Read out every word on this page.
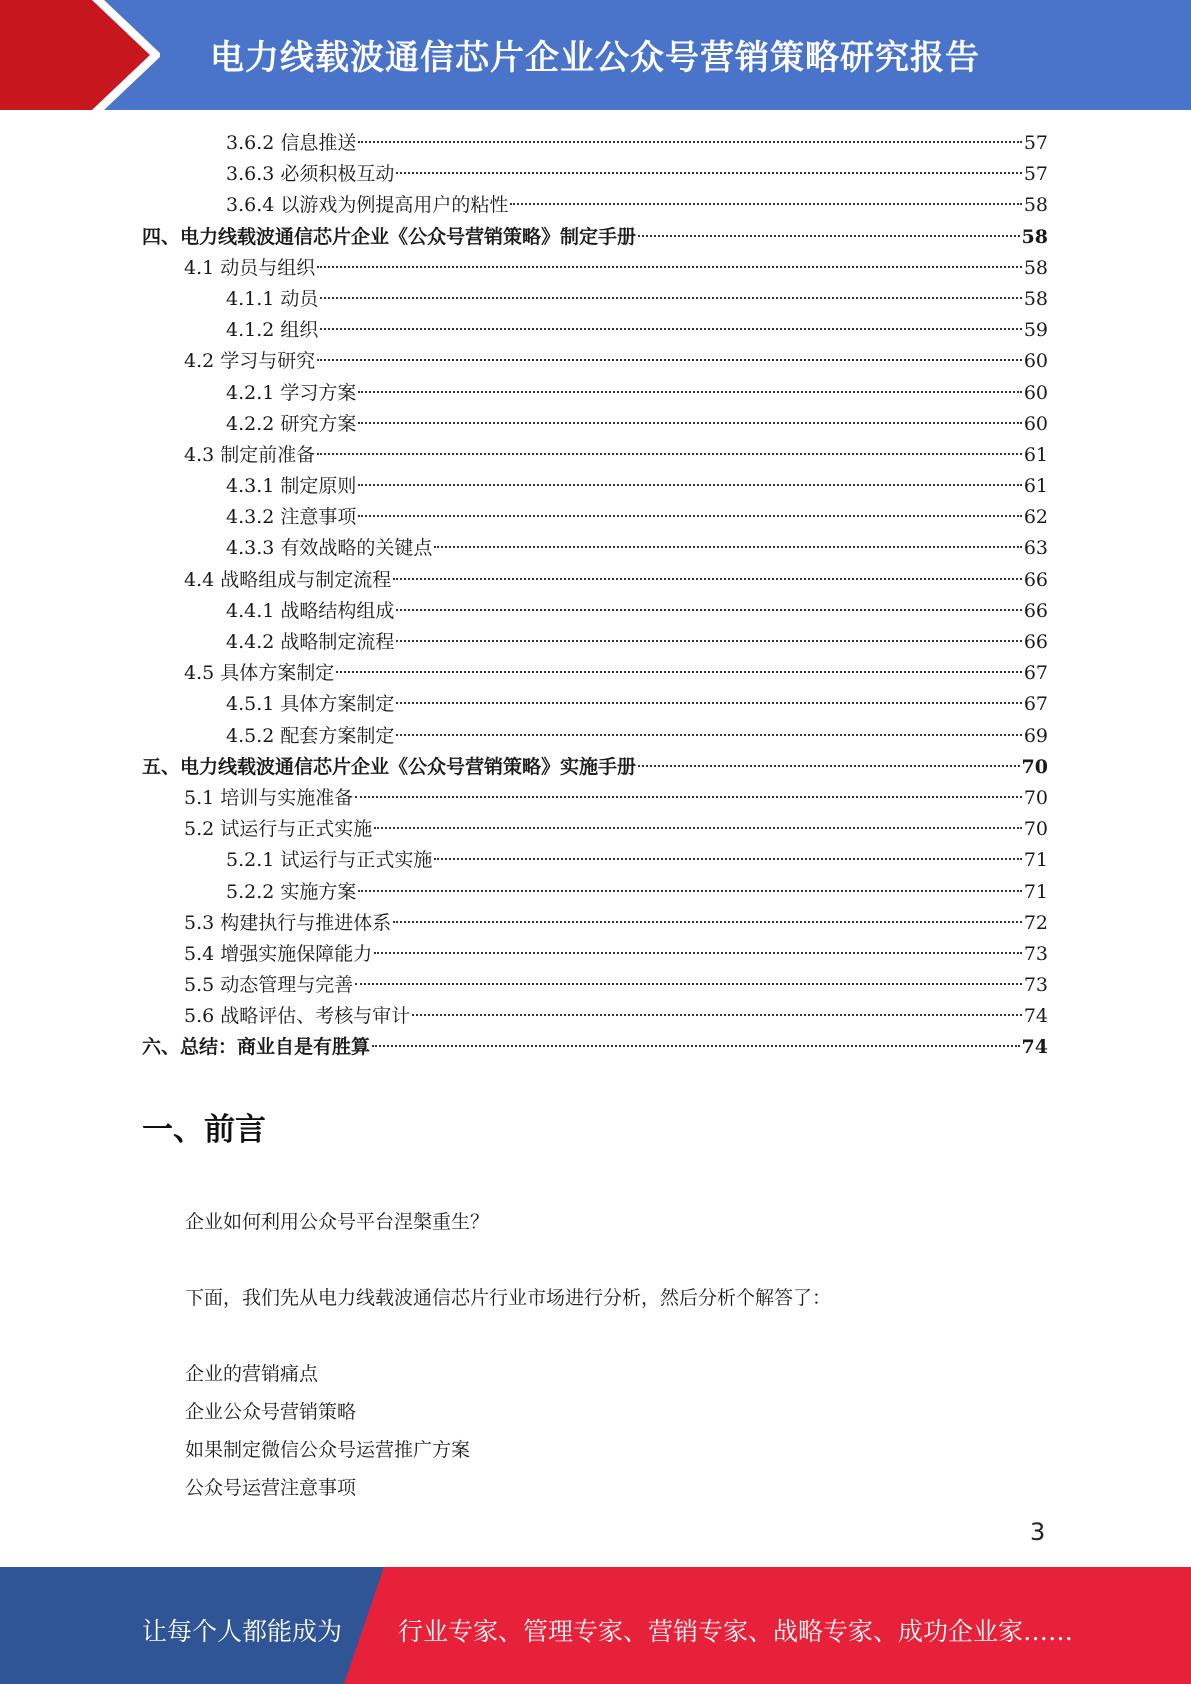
电力线载波通信芯片企业公众号营销策略研究报告
3.6.2 信息推送	57
3.6.3 必须积极互动	57
3.6.4 以游戏为例提高用户的粘性	58
四、电力线载波通信芯片企业《公众号营销策略》制定手册	58
4.1 动员与组织	58
4.1.1 动员	58
4.1.2 组织	59
4.2 学习与研究	60
4.2.1 学习方案	60
4.2.2 研究方案	60
4.3 制定前准备	61
4.3.1 制定原则	61
4.3.2 注意事项	62
4.3.3 有效战略的关键点	63
4.4 战略组成与制定流程	66
4.4.1 战略结构组成	66
4.4.2 战略制定流程	66
4.5 具体方案制定	67
4.5.1 具体方案制定	67
4.5.2 配套方案制定	69
五、电力线载波通信芯片企业《公众号营销策略》实施手册	70
5.1 培训与实施准备	70
5.2 试运行与正式实施	70
5.2.1 试运行与正式实施	71
5.2.2 实施方案	71
5.3 构建执行与推进体系	72
5.4 增强实施保障能力	73
5.5 动态管理与完善	73
5.6 战略评估、考核与审计	74
六、总结：商业自是有胜算	74
一、前言
企业如何利用公众号平台涅槃重生？
下面，我们先从电力线载波通信芯片行业市场进行分析，然后分析个解答了：
企业的营销痛点
企业公众号营销策略
如果制定微信公众号运营推广方案
公众号运营注意事项
3
让每个人都能成为 行业专家、管理专家、营销专家、战略专家、成功企业家……
